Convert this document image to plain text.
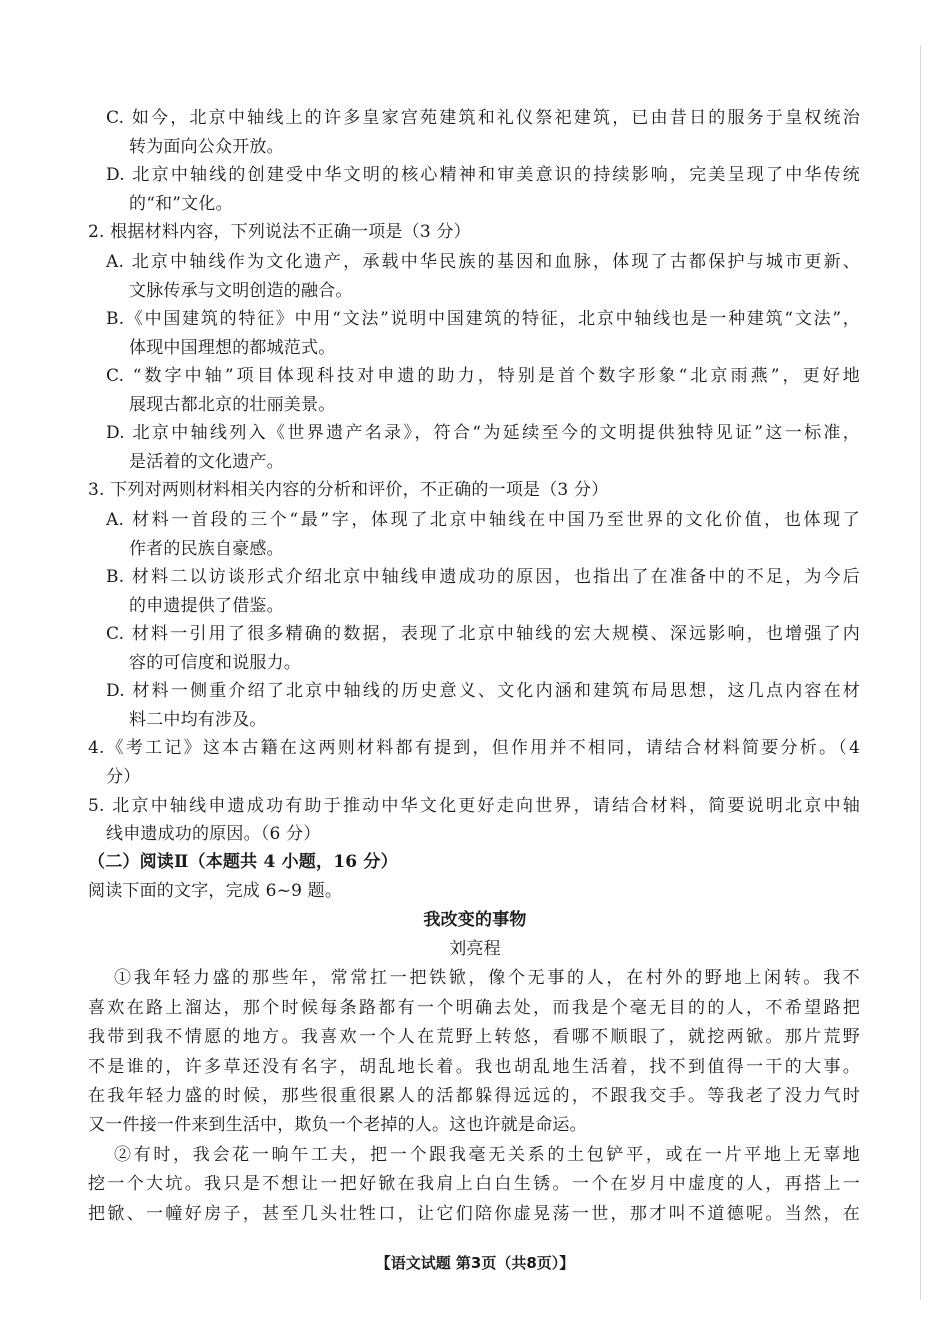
C. 如今，北京中轴线上的许多皇家宫苑建筑和礼仪祭祀建筑，已由昔日的服务于皇权统治

转为面向公众开放。

D. 北京中轴线的创建受中华文明的核心精神和审美意识的持续影响，完美呈现了中华传统

的“和”文化。

2. 根据材料内容，下列说法不正确一项是（3 分）

A. 北京中轴线作为文化遗产，承载中华民族的基因和血脉，体现了古都保护与城市更新、

文脉传承与文明创造的融合。

B.《中国建筑的特征》中用“文法”说明中国建筑的特征，北京中轴线也是一种建筑“文法”，

体现中国理想的都城范式。

C. “数字中轴”项目体现科技对申遗的助力，特别是首个数字形象“北京雨燕”，更好地

展现古都北京的壮丽美景。

D. 北京中轴线列入《世界遗产名录》，符合“为延续至今的文明提供独特见证”这一标准，

是活着的文化遗产。

3. 下列对两则材料相关内容的分析和评价，不正确的一项是（3 分）

A. 材料一首段的三个“最”字，体现了北京中轴线在中国乃至世界的文化价值，也体现了

作者的民族自豪感。

B. 材料二以访谈形式介绍北京中轴线申遗成功的原因，也指出了在准备中的不足，为今后

的申遗提供了借鉴。

C. 材料一引用了很多精确的数据，表现了北京中轴线的宏大规模、深远影响，也增强了内

容的可信度和说服力。

D. 材料一侧重介绍了北京中轴线的历史意义、文化内涵和建筑布局思想，这几点内容在材

料二中均有涉及。

4.《考工记》这本古籍在这两则材料都有提到，但作用并不相同，请结合材料简要分析。（4

分）

5. 北京中轴线申遗成功有助于推动中华文化更好走向世界，请结合材料，简要说明北京中轴

线申遗成功的原因。（6 分）

（二）阅读Ⅱ（本题共 4 小题，16 分）

阅读下面的文字，完成 6~9 题。

我改变的事物

刘亮程

①我年轻力盛的那些年，常常扛一把铁锨，像个无事的人，在村外的野地上闲转。我不

喜欢在路上溜达，那个时候每条路都有一个明确去处，而我是个毫无目的的人，不希望路把

我带到我不情愿的地方。我喜欢一个人在荒野上转悠，看哪不顺眼了，就挖两锨。那片荒野

不是谁的，许多草还没有名字，胡乱地长着。我也胡乱地生活着，找不到值得一干的大事。

在我年轻力盛的时候，那些很重很累人的活都躲得远远的，不跟我交手。等我老了没力气时

又一件接一件来到生活中，欺负一个老掉的人。这也许就是命运。

②有时，我会花一晌午工夫，把一个跟我毫无关系的土包铲平，或在一片平地上无辜地

挖一个大坑。我只是不想让一把好锨在我肩上白白生锈。一个在岁月中虚度的人，再搭上一

把锨、一幢好房子，甚至几头壮牲口，让它们陪你虚晃荡一世，那才叫不道德呢。当然，在

【语文试题 第3页（共8页）】
